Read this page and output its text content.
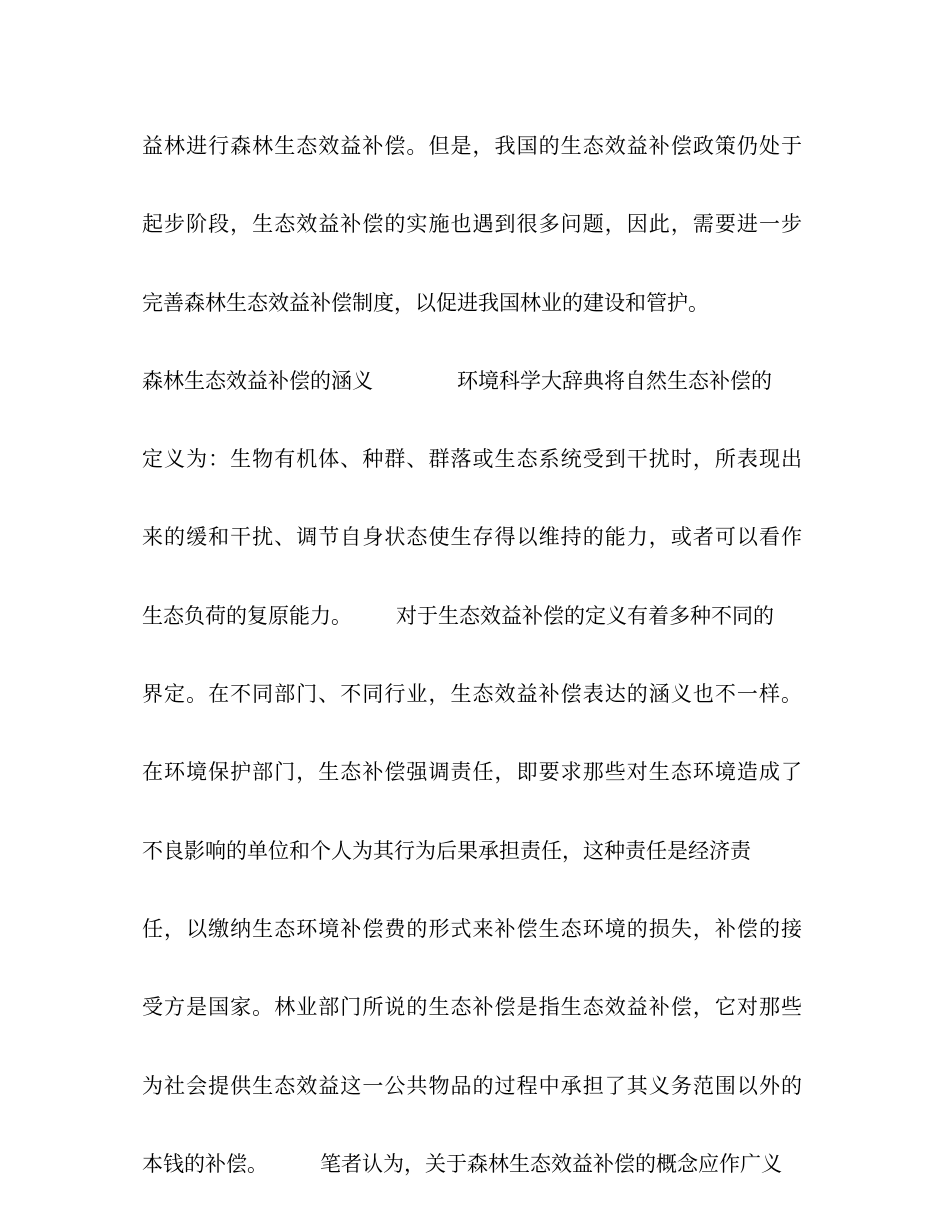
益林进行森林生态效益补偿。但是，我国的生态效益补偿政策仍处于
起步阶段，生态效益补偿的实施也遇到很多问题，因此，需要进一步
完善森林生态效益补偿制度，以促进我国林业的建设和管护。
森林生态效益补偿的涵义	环境科学大辞典将自然生态补偿的
定义为：生物有机体、种群、群落或生态系统受到干扰时，所表现出
来的缓和干扰、调节自身状态使生存得以维持的能力，或者可以看作
生态负荷的复原能力。 对于生态效益补偿的定义有着多种不同的
界定。在不同部门、不同行业，生态效益补偿表达的涵义也不一样。
在环境保护部门，生态补偿强调责任，即要求那些对生态环境造成了
不良影响的单位和个人为其行为后果承担责任，这种责任是经济责
任，以缴纳生态环境补偿费的形式来补偿生态环境的损失，补偿的接
受方是国家。林业部门所说的生态补偿是指生态效益补偿，它对那些
为社会提供生态效益这一公共物品的过程中承担了其义务范围以外的
本钱的补偿。 笔者认为，关于森林生态效益补偿的概念应作广义
